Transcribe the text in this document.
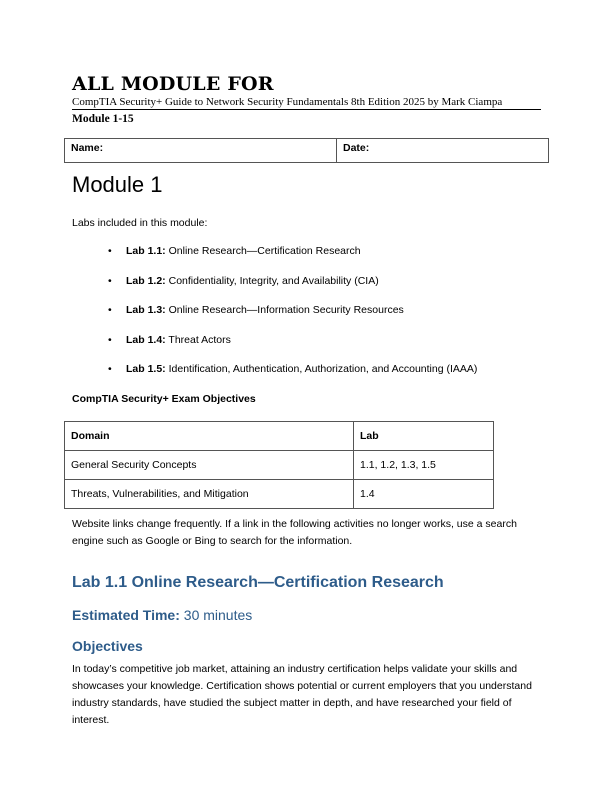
ALL MODULE FOR
CompTIA Security+ Guide to Network Security Fundamentals 8th Edition 2025 by Mark Ciampa
Module 1-15
Name:	Date:
Module 1
Labs included in this module:
• Lab 1.1: Online Research—Certification Research
• Lab 1.2: Confidentiality, Integrity, and Availability (CIA)
• Lab 1.3: Online Research—Information Security Resources
• Lab 1.4: Threat Actors
• Lab 1.5: Identification, Authentication, Authorization, and Accounting (IAAA)
CompTIA Security+ Exam Objectives
Domain	Lab
General Security Concepts	1.1, 1.2, 1.3, 1.5
Threats, Vulnerabilities, and Mitigation	1.4
Website links change frequently. If a link in the following activities no longer works, use a search engine such as Google or Bing to search for the information.
Lab 1.1 Online Research—Certification Research
Estimated Time: 30 minutes
Objectives
In today’s competitive job market, attaining an industry certification helps validate your skills and showcases your knowledge. Certification shows potential or current employers that you understand industry standards, have studied the subject matter in depth, and have researched your field of interest.
